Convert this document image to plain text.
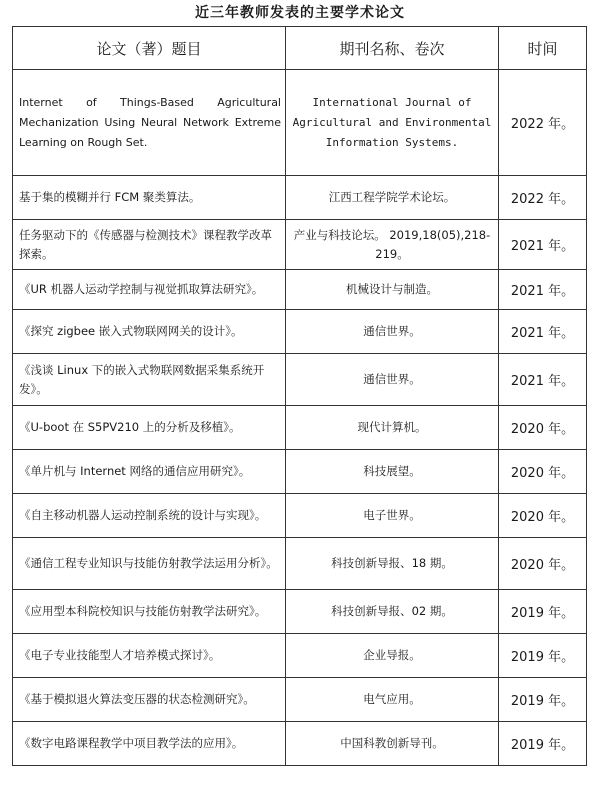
近三年教师发表的主要学术论文
论文（著）题目	期刊名称、卷次	时间
Internet of Things-Based Agricultural Mechanization Using Neural Network Extreme Learning on Rough Set.	International Journal of Agricultural and Environmental Information Systems.	2022 年。
基于集的模糊并行 FCM 聚类算法。	江西工程学院学术论坛。	2022 年。
任务驱动下的《传感器与检测技术》课程教学改革探索。	产业与科技论坛。 2019,18(05),218-219。	2021 年。
《UR 机器人运动学控制与视觉抓取算法研究》。	机械设计与制造。	2021 年。
《探究 zigbee 嵌入式物联网网关的设计》。	通信世界。	2021 年。
《浅谈 Linux 下的嵌入式物联网数据采集系统开发》。	通信世界。	2021 年。
《U-boot 在 S5PV210 上的分析及移植》。	现代计算机。	2020 年。
《单片机与 Internet 网络的通信应用研究》。	科技展望。	2020 年。
《自主移动机器人运动控制系统的设计与实现》。	电子世界。	2020 年。
《通信工程专业知识与技能仿射教学法运用分析》。	科技创新导报、18 期。	2020 年。
《应用型本科院校知识与技能仿射教学法研究》。	科技创新导报、02 期。	2019 年。
《电子专业技能型人才培养模式探讨》。	企业导报。	2019 年。
《基于模拟退火算法变压器的状态检测研究》。	电气应用。	2019 年。
《数字电路课程教学中项目教学法的应用》。	中国科教创新导刊。	2019 年。
